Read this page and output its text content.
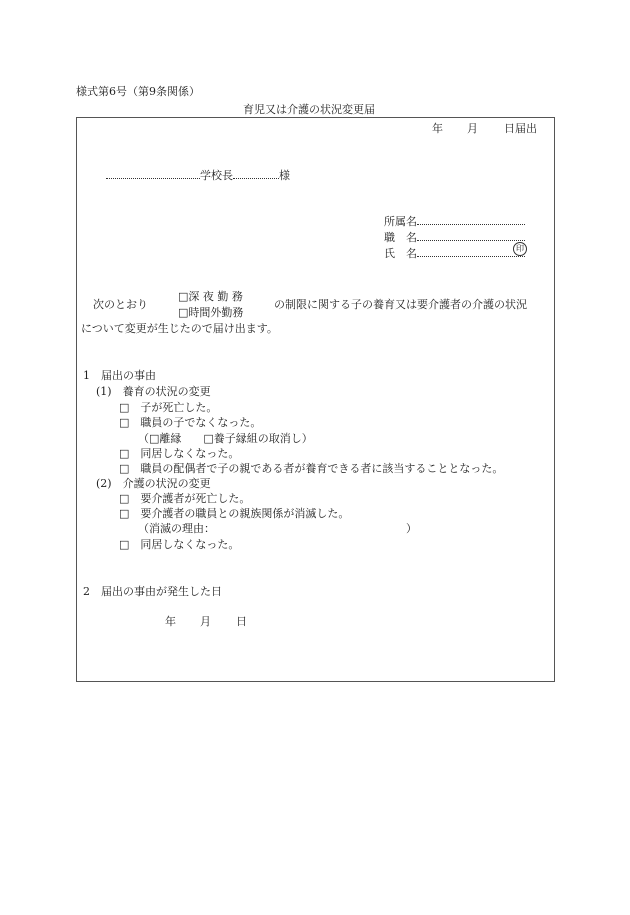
様式第6号（第9条関係）
育児又は介護の状況変更届
年 月 日届出
学校長	様
所属名
職　名
氏　名	印
次のとおり
□深 夜 勤 務
□時間外勤務
の制限に関する子の養育又は要介護者の介護の状況
について変更が生じたので届け出ます。
1　届出の事由
(1)　養育の状況の変更
□　子が死亡した。
□　職員の子でなくなった。
（□離縁　　□養子縁組の取消し）
□　同居しなくなった。
□　職員の配偶者で子の親である者が養育できる者に該当することとなった。
(2)　介護の状況の変更
□　要介護者が死亡した。
□　要介護者の職員との親族関係が消滅した。
（消滅の理由：	）
□　同居しなくなった。
2　届出の事由が発生した日
年 月 日
